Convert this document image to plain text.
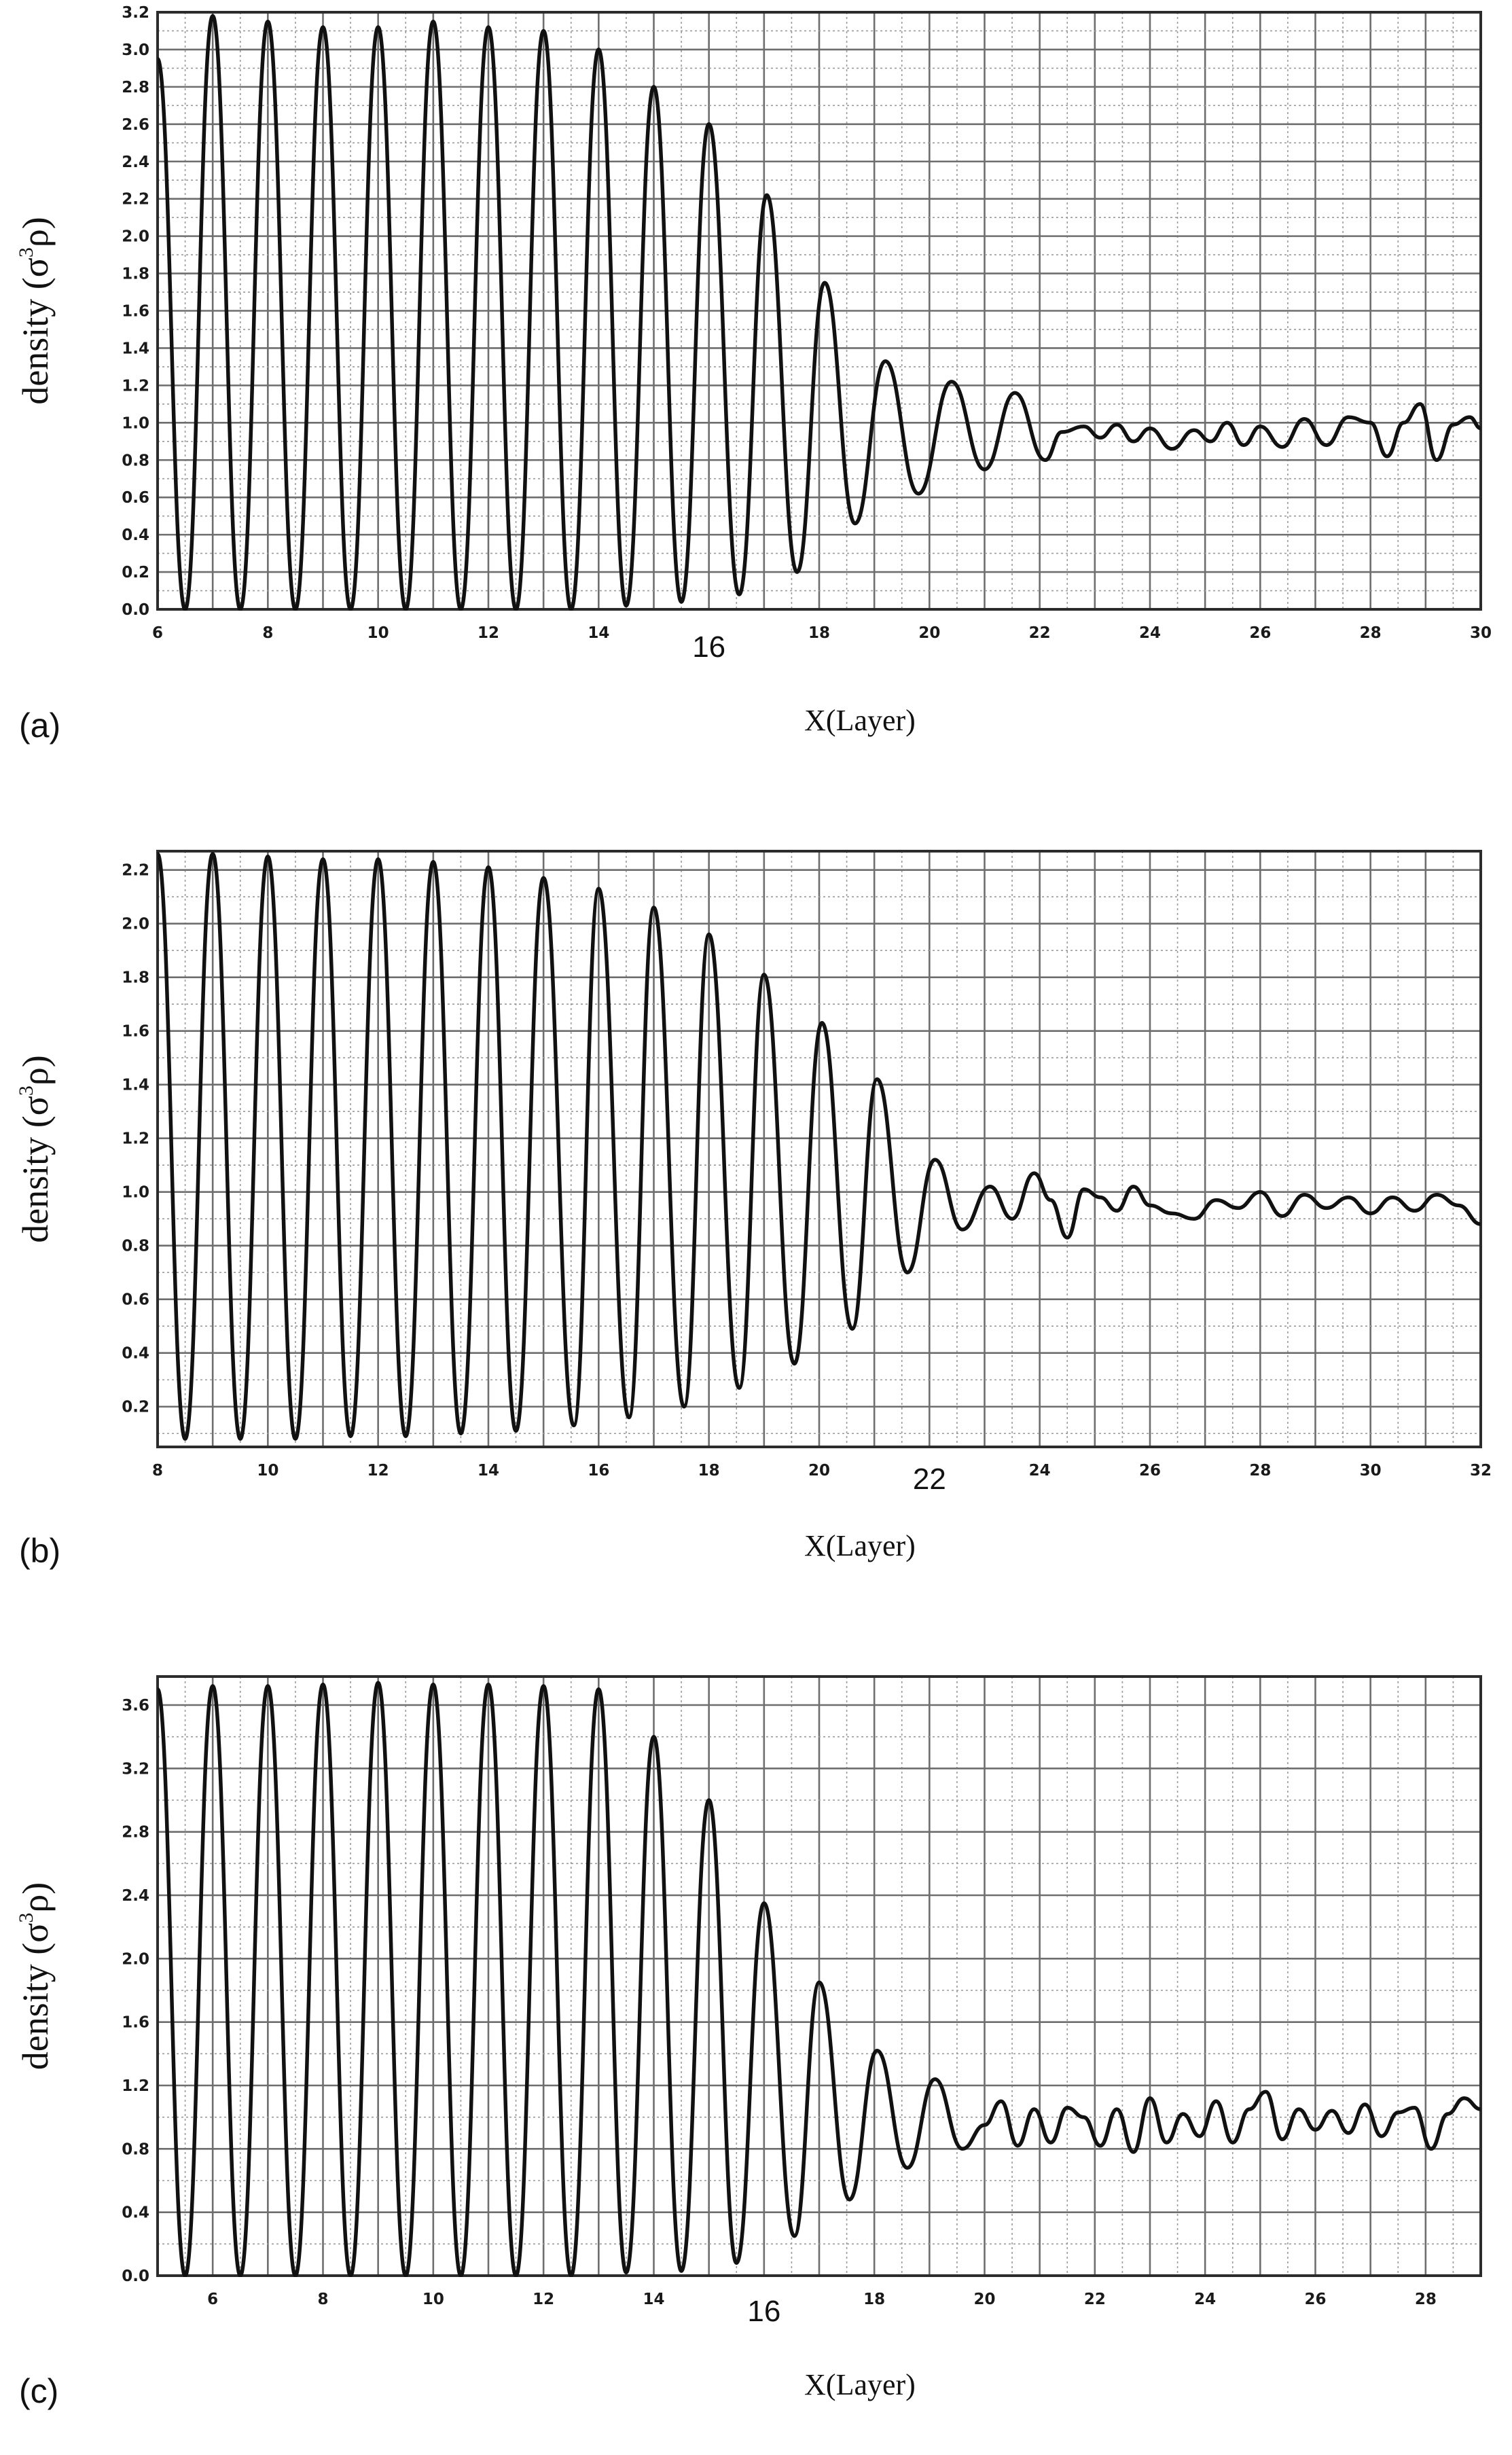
density $(\sigma^3\rho)$
X(Layer)
(a)
16
0.0
0.2
0.4
0.6
0.8
1.0
1.2
1.4
1.6
1.8
2.0
2.2
2.4
2.6
2.8
3.0
3.2
6	8	10	12	14	18	20	22	24	26	28	30
density $(\sigma^3\rho)$
X(Layer)
(b)
22
0.2
0.4
0.6
0.8
1.0
1.2
1.4
1.6
1.8
2.0
2.2
8	10	12	14	16	18	20	24	26	28	30	32
density $(\sigma^3\rho)$
X(Layer)
(c)
16
0.0
0.4
0.8
1.2
1.6
2.0
2.4
2.8
3.2
3.6
6	8	10	12	14	18	20	22	24	26	28
